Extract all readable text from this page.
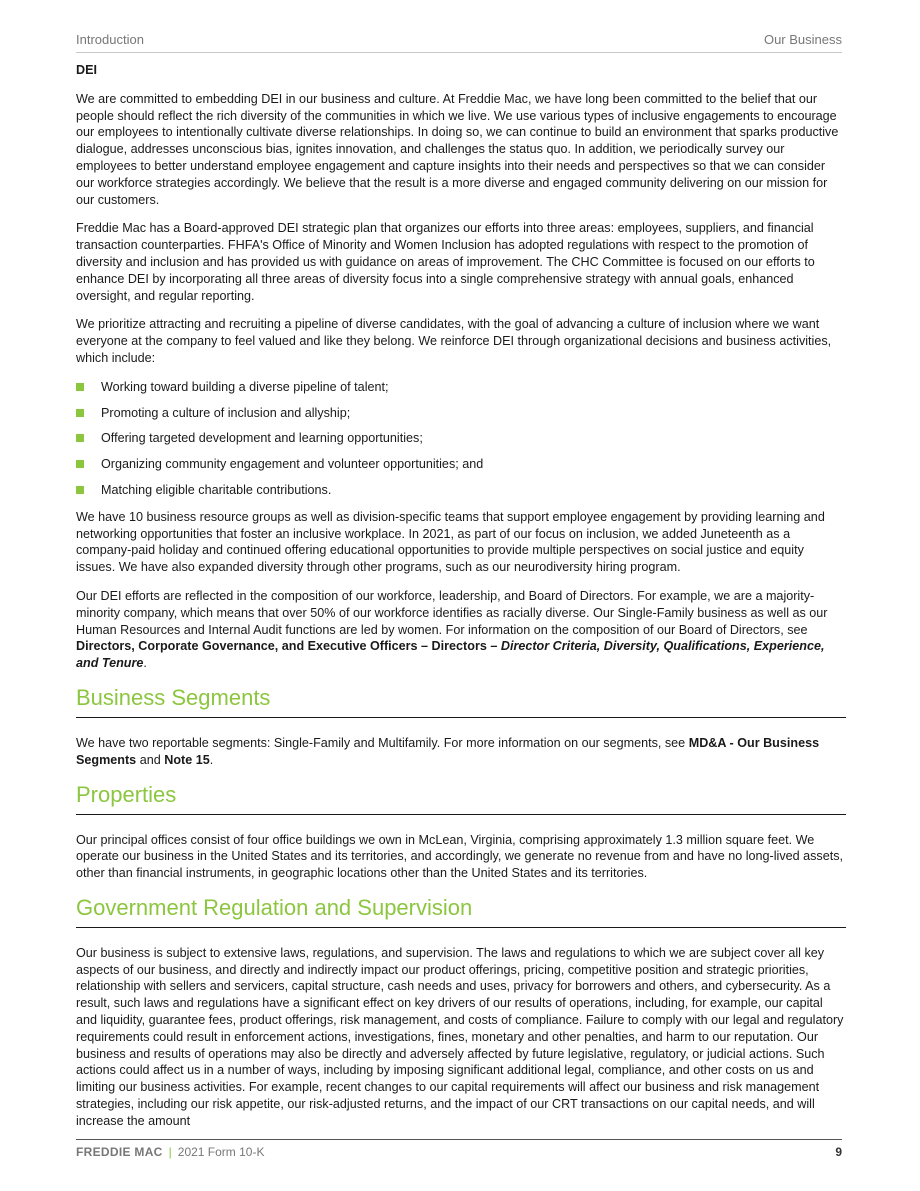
Introduction	Our Business
DEI

We are committed to embedding DEI in our business and culture. At Freddie Mac, we have long been committed to the belief that our people should reflect the rich diversity of the communities in which we live. We use various types of inclusive engagements to encourage our employees to intentionally cultivate diverse relationships. In doing so, we can continue to build an environment that sparks productive dialogue, addresses unconscious bias, ignites innovation, and challenges the status quo. In addition, we periodically survey our employees to better understand employee engagement and capture insights into their needs and perspectives so that we can consider our workforce strategies accordingly. We believe that the result is a more diverse and engaged community delivering on our mission for our customers.

Freddie Mac has a Board-approved DEI strategic plan that organizes our efforts into three areas: employees, suppliers, and financial transaction counterparties. FHFA's Office of Minority and Women Inclusion has adopted regulations with respect to the promotion of diversity and inclusion and has provided us with guidance on areas of improvement. The CHC Committee is focused on our efforts to enhance DEI by incorporating all three areas of diversity focus into a single comprehensive strategy with annual goals, enhanced oversight, and regular reporting.

We prioritize attracting and recruiting a pipeline of diverse candidates, with the goal of advancing a culture of inclusion where we want everyone at the company to feel valued and like they belong. We reinforce DEI through organizational decisions and business activities, which include:

Working toward building a diverse pipeline of talent;
Promoting a culture of inclusion and allyship;
Offering targeted development and learning opportunities;
Organizing community engagement and volunteer opportunities; and
Matching eligible charitable contributions.

We have 10 business resource groups as well as division-specific teams that support employee engagement by providing learning and networking opportunities that foster an inclusive workplace. In 2021, as part of our focus on inclusion, we added Juneteenth as a company-paid holiday and continued offering educational opportunities to provide multiple perspectives on social justice and equity issues. We have also expanded diversity through other programs, such as our neurodiversity hiring program.

Our DEI efforts are reflected in the composition of our workforce, leadership, and Board of Directors. For example, we are a majority-minority company, which means that over 50% of our workforce identifies as racially diverse. Our Single-Family business as well as our Human Resources and Internal Audit functions are led by women. For information on the composition of our Board of Directors, see Directors, Corporate Governance, and Executive Officers – Directors – Director Criteria, Diversity, Qualifications, Experience, and Tenure.

Business Segments

We have two reportable segments: Single-Family and Multifamily. For more information on our segments, see MD&A - Our Business Segments and Note 15.

Properties

Our principal offices consist of four office buildings we own in McLean, Virginia, comprising approximately 1.3 million square feet. We operate our business in the United States and its territories, and accordingly, we generate no revenue from and have no long-lived assets, other than financial instruments, in geographic locations other than the United States and its territories.

Government Regulation and Supervision

Our business is subject to extensive laws, regulations, and supervision. The laws and regulations to which we are subject cover all key aspects of our business, and directly and indirectly impact our product offerings, pricing, competitive position and strategic priorities, relationship with sellers and servicers, capital structure, cash needs and uses, privacy for borrowers and others, and cybersecurity. As a result, such laws and regulations have a significant effect on key drivers of our results of operations, including, for example, our capital and liquidity, guarantee fees, product offerings, risk management, and costs of compliance. Failure to comply with our legal and regulatory requirements could result in enforcement actions, investigations, fines, monetary and other penalties, and harm to our reputation. Our business and results of operations may also be directly and adversely affected by future legislative, regulatory, or judicial actions. Such actions could affect us in a number of ways, including by imposing significant additional legal, compliance, and other costs on us and limiting our business activities. For example, recent changes to our capital requirements will affect our business and risk management strategies, including our risk appetite, our risk-adjusted returns, and the impact of our CRT transactions on our capital needs, and will increase the amount

FREDDIE MAC | 2021 Form 10-K	9
